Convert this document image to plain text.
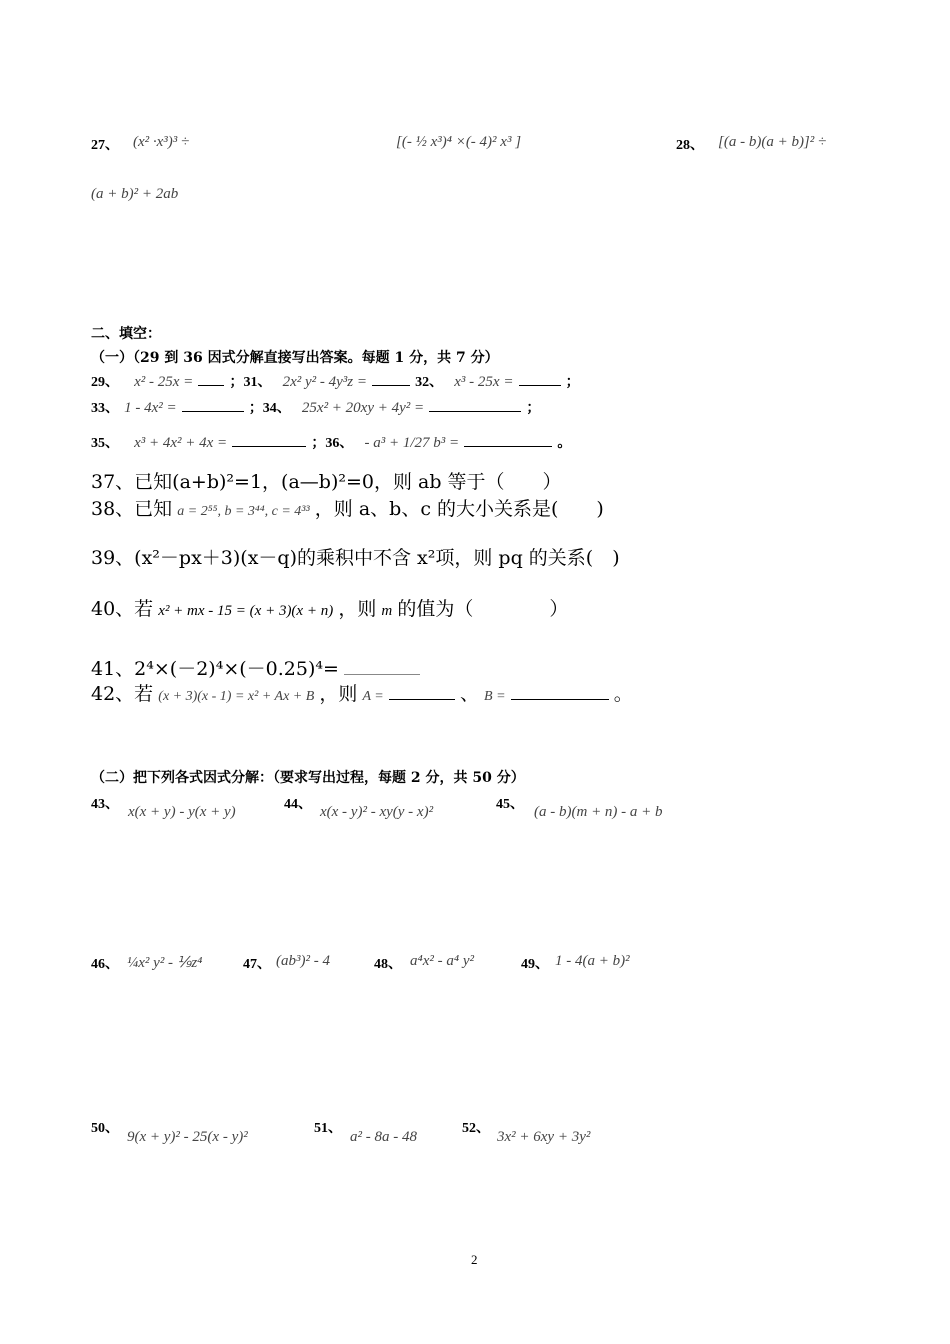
27、 (x² ·x³)³ ÷	[(- ½ x³)⁴ ×(- 4)² x³ ]	28、 [(a - b)(a + b)]² ÷
(a + b)² + 2ab
二、填空：
（一）（29 到 36 因式分解直接写出答案。每题 1 分，共 7 分）
29、 x² - 25x =	；31、 2x² y² - 4y³z =	32、 x³ - 25x =	；
33、 1 - 4x² =	；34、 25x² + 20xy + 4y² =	；
35、 x³ + 4x² + 4x =	；36、 - a³ + 1/27 b³ =	。
37、已知(a+b)²=1，(a—b)²=0，则 ab 等于（　　）
38、已知 a = 2⁵⁵, b = 3⁴⁴, c = 4³³ ，则 a、b、c 的大小关系是(　　)
39、(x²－px＋3)(x－q)的乘积中不含 x²项，则 pq 的关系(　)
40、若 x² + mx - 15 = (x + 3)(x + n) ，则 m 的值为（　　　　）
41、2⁴×(－2)⁴×(－0.25)⁴=
42、若 (x + 3)(x - 1) = x² + Ax + B ，则 A =	、 B =	。
（二）把下列各式因式分解：（要求写出过程，每题 2 分，共 50 分）
43、 x(x + y) - y(x + y)	44、 x(x - y)² - xy(y - x)²	45、 (a - b)(m + n) - a + b
46、 ¼x² y² - ⅑z⁴	47、 (ab³)² - 4	48、 a⁴x² - a⁴ y²	49、 1 - 4(a + b)²
50、
9(x + y)² - 25(x - y)²
51、
a² - 8a - 48
52、
3x² + 6xy + 3y²
2
